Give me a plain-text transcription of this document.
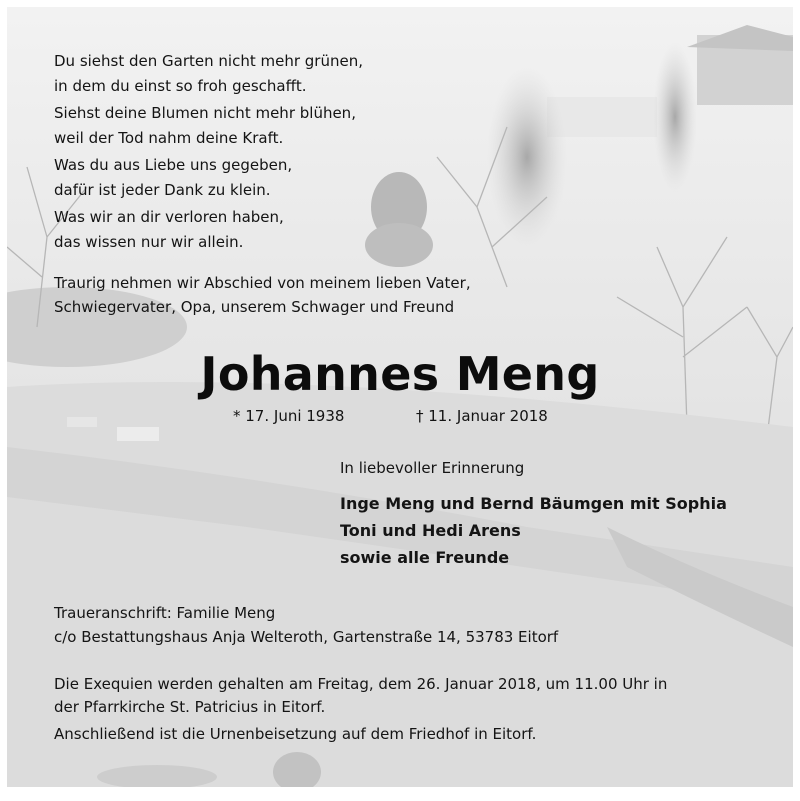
Du siehst den Garten nicht mehr grünen,
in dem du einst so froh geschafft.
Siehst deine Blumen nicht mehr blühen,
weil der Tod nahm deine Kraft.
Was du aus Liebe uns gegeben,
dafür ist jeder Dank zu klein.
Was wir an dir verloren haben,
das wissen nur wir allein.
Traurig nehmen wir Abschied von meinem lieben Vater,
Schwiegervater, Opa, unserem Schwager und Freund
Johannes Meng
* 17. Juni 1938	† 11. Januar 2018
In liebevoller Erinnerung
Inge Meng und Bernd Bäumgen mit Sophia
Toni und Hedi Arens
sowie alle Freunde
Traueranschrift: Familie Meng
c/o Bestattungshaus Anja Welteroth, Gartenstraße 14, 53783 Eitorf
Die Exequien werden gehalten am Freitag, dem 26. Januar 2018, um 11.00 Uhr in
der Pfarrkirche St. Patricius in Eitorf.
Anschließend ist die Urnenbeisetzung auf dem Friedhof in Eitorf.
